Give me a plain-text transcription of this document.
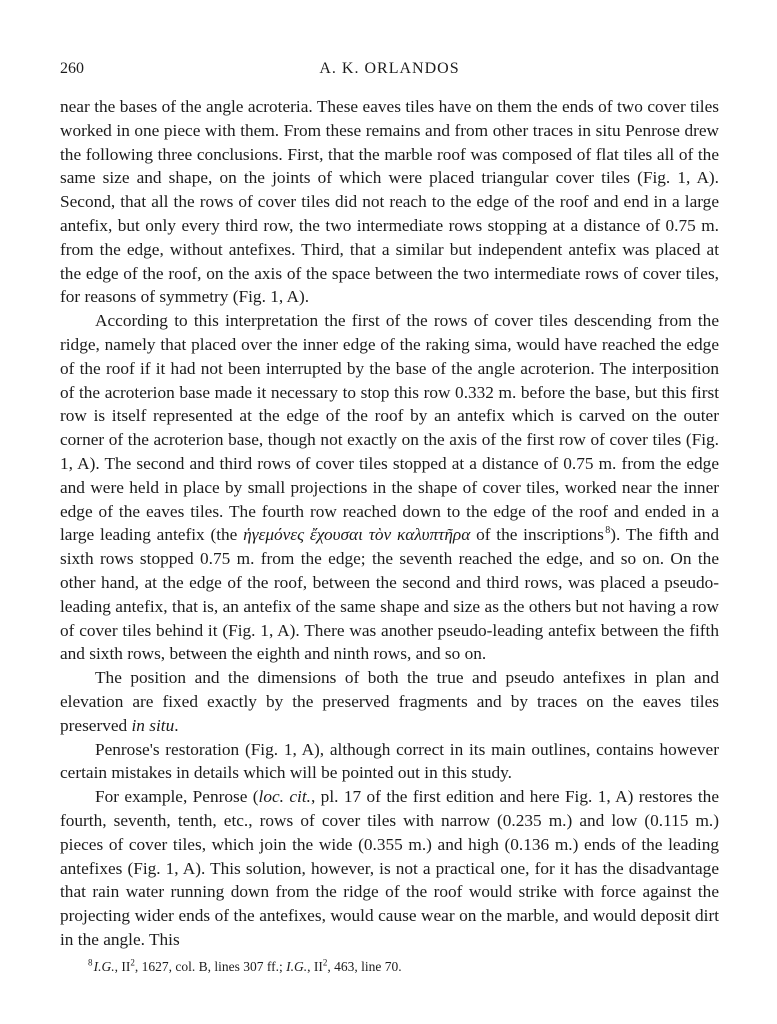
260	A. K. ORLANDOS

near the bases of the angle acroteria. These eaves tiles have on them the ends of two cover tiles worked in one piece with them. From these remains and from other traces in situ Penrose drew the following three conclusions. First, that the marble roof was composed of flat tiles all of the same size and shape, on the joints of which were placed triangular cover tiles (Fig. 1, A). Second, that all the rows of cover tiles did not reach to the edge of the roof and end in a large antefix, but only every third row, the two intermediate rows stopping at a distance of 0.75 m. from the edge, without antefixes. Third, that a similar but independent antefix was placed at the edge of the roof, on the axis of the space between the two intermediate rows of cover tiles, for reasons of symmetry (Fig. 1, A).

According to this interpretation the first of the rows of cover tiles descending from the ridge, namely that placed over the inner edge of the raking sima, would have reached the edge of the roof if it had not been interrupted by the base of the angle acroterion. The interposition of the acroterion base made it necessary to stop this row 0.332 m. before the base, but this first row is itself represented at the edge of the roof by an antefix which is carved on the outer corner of the acroterion base, though not exactly on the axis of the first row of cover tiles (Fig. 1, A). The second and third rows of cover tiles stopped at a distance of 0.75 m. from the edge and were held in place by small projections in the shape of cover tiles, worked near the inner edge of the eaves tiles. The fourth row reached down to the edge of the roof and ended in a large leading antefix (the ἡγεμόνες ἔχουσαι τὸν καλυπτῆρα of the inscriptions $^8$). The fifth and sixth rows stopped 0.75 m. from the edge; the seventh reached the edge, and so on. On the other hand, at the edge of the roof, between the second and third rows, was placed a pseudo-leading antefix, that is, an antefix of the same shape and size as the others but not having a row of cover tiles behind it (Fig. 1, A). There was another pseudo-leading antefix between the fifth and sixth rows, between the eighth and ninth rows, and so on.

The position and the dimensions of both the true and pseudo antefixes in plan and elevation are fixed exactly by the preserved fragments and by traces on the eaves tiles preserved in situ.

Penrose's restoration (Fig. 1, A), although correct in its main outlines, contains however certain mistakes in details which will be pointed out in this study.

For example, Penrose (loc. cit., pl. 17 of the first edition and here Fig. 1, A) restores the fourth, seventh, tenth, etc., rows of cover tiles with narrow (0.235 m.) and low (0.115 m.) pieces of cover tiles, which join the wide (0.355 m.) and high (0.136 m.) ends of the leading antefixes (Fig. 1, A). This solution, however, is not a practical one, for it has the disadvantage that rain water running down from the ridge of the roof would strike with force against the projecting wider ends of the antefixes, would cause wear on the marble, and would deposit dirt in the angle. This

$^8$ I.G., $II^2$, 1627, col. B, lines 307 ff.; I.G., $II^2$, 463, line 70.
